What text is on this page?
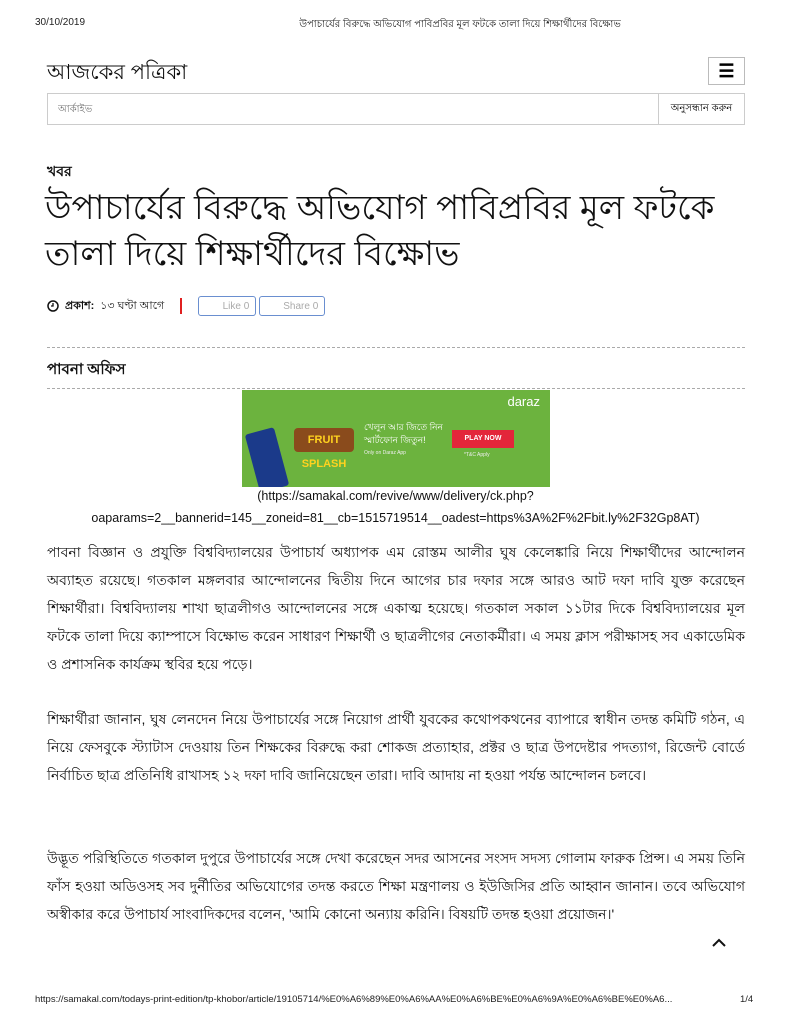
30/10/2019	উপাচার্যের বিরুদ্ধে অভিযোগ পাবিপ্রবির মূল ফটকে তালা দিয়ে শিক্ষার্থীদের বিক্ষোভ
আজকের পত্রিকা	☰
আর্কাইভ
অনুসন্ধান করুন
খবর
উপাচার্যের বিরুদ্ধে অভিযোগ পাবিপ্রবির মূল ফটকে তালা দিয়ে শিক্ষার্থীদের বিক্ষোভ
প্রকাশ: ১৩ ঘণ্টা আগে	Like 0	Share 0
পাবনা অফিস
FRUIT SPLASH
daraz
খেলুন আর জিতে নিন
স্মার্টফোন জিতুন!
Only on Daraz App
PLAY NOW
*T&C Apply
(https://samakal.com/revive/www/delivery/ck.php?
oaparams=2__bannerid=145__zoneid=81__cb=1515719514__oadest=https%3A%2F%2Fbit.ly%2F32Gp8AT)

পাবনা বিজ্ঞান ও প্রযুক্তি বিশ্ববিদ্যালয়ের উপাচার্য অধ্যাপক এম রোস্তম আলীর ঘুষ কেলেঙ্কারি নিয়ে শিক্ষার্থীদের আন্দোলন অব্যাহত রয়েছে। গতকাল মঙ্গলবার আন্দোলনের দ্বিতীয় দিনে আগের চার দফার সঙ্গে আরও আট দফা দাবি যুক্ত করেছেন শিক্ষার্থীরা। বিশ্ববিদ্যালয় শাখা ছাত্রলীগও আন্দোলনের সঙ্গে একাত্ম হয়েছে। গতকাল সকাল ১১টার দিকে বিশ্ববিদ্যালয়ের মূল ফটকে তালা দিয়ে ক্যাম্পাসে বিক্ষোভ করেন সাধারণ শিক্ষার্থী ও ছাত্রলীগের নেতাকর্মীরা। এ সময় ক্লাস পরীক্ষাসহ সব একাডেমিক ও প্রশাসনিক কার্যক্রম স্থবির হয়ে পড়ে।

শিক্ষার্থীরা জানান, ঘুষ লেনদেন নিয়ে উপাচার্যের সঙ্গে নিয়োগ প্রার্থী যুবকের কথোপকথনের ব্যাপারে স্বাধীন তদন্ত কমিটি গঠন, এ নিয়ে ফেসবুকে স্ট্যাটাস দেওয়ায় তিন শিক্ষকের বিরুদ্ধে করা শোকজ প্রত্যাহার, প্রক্টর ও ছাত্র উপদেষ্টার পদত্যাগ, রিজেন্ট বোর্ডে নির্বাচিত ছাত্র প্রতিনিধি রাখাসহ ১২ দফা দাবি জানিয়েছেন তারা। দাবি আদায় না হওয়া পর্যন্ত আন্দোলন চলবে।

উদ্ভূত পরিস্থিতিতে গতকাল দুপুরে উপাচার্যের সঙ্গে দেখা করেছেন সদর আসনের সংসদ সদস্য গোলাম ফারুক প্রিন্স। এ সময় তিনি ফাঁস হওয়া অডিওসহ সব দুর্নীতির অভিযোগের তদন্ত করতে শিক্ষা মন্ত্রণালয় ও ইউজিসির প্রতি আহ্বান জানান। তবে অভিযোগ অস্বীকার করে উপাচার্য সাংবাদিকদের বলেন, 'আমি কোনো অন্যায় করিনি। বিষয়টি তদন্ত হওয়া প্রয়োজন।'

https://samakal.com/todays-print-edition/tp-khobor/article/19105714/%E0%A6%89%E0%A6%AA%E0%A6%BE%E0%A6%9A%E0%A6%BE%E0%A6...	1/4
